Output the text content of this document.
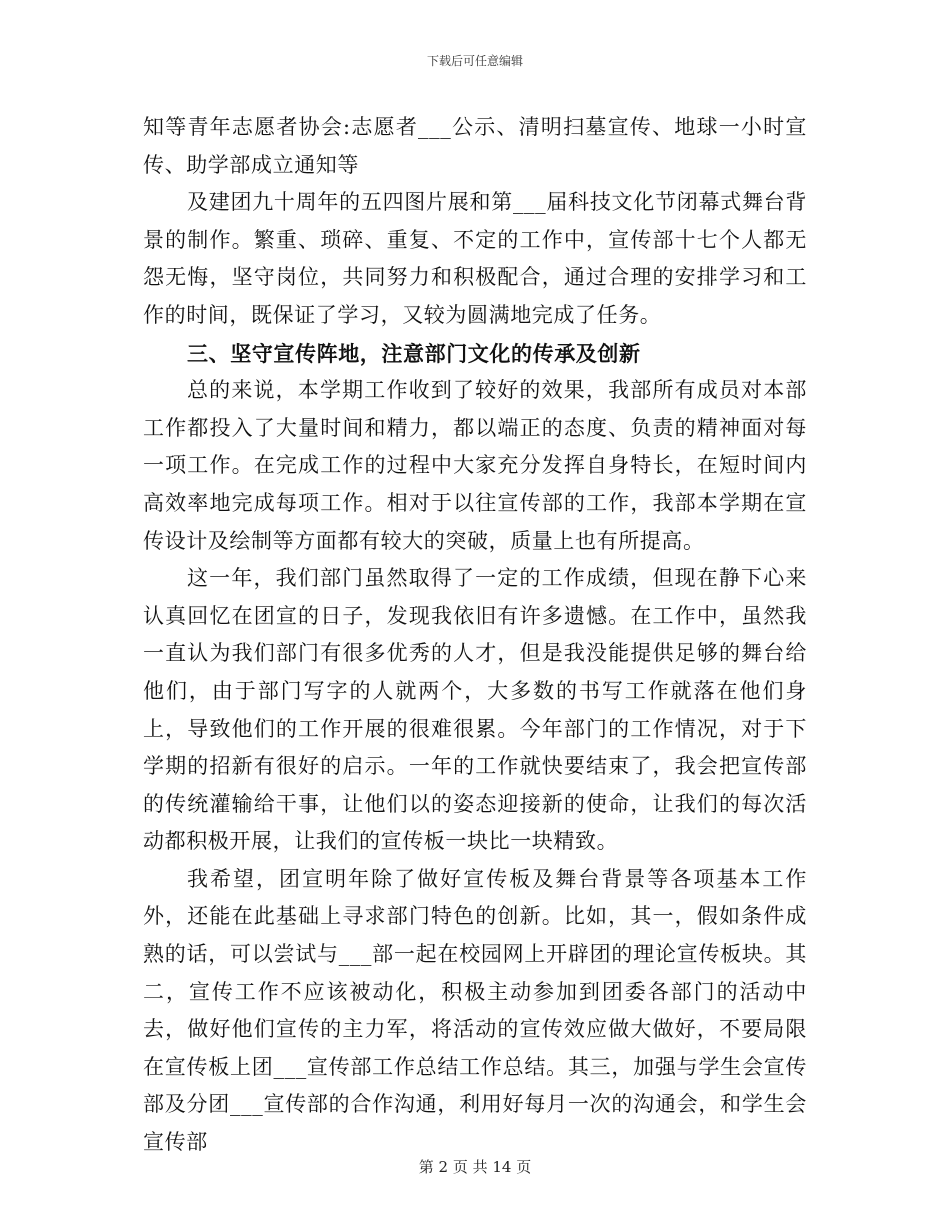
下载后可任意编辑

知等青年志愿者协会:志愿者___公示、清明扫墓宣传、地球一小时宣传、助学部成立通知等

及建团九十周年的五四图片展和第___届科技文化节闭幕式舞台背景的制作。繁重、琐碎、重复、不定的工作中，宣传部十七个人都无怨无悔，坚守岗位，共同努力和积极配合，通过合理的安排学习和工作的时间，既保证了学习，又较为圆满地完成了任务。

三、坚守宣传阵地，注意部门文化的传承及创新

总的来说，本学期工作收到了较好的效果，我部所有成员对本部工作都投入了大量时间和精力，都以端正的态度、负责的精神面对每一项工作。在完成工作的过程中大家充分发挥自身特长，在短时间内高效率地完成每项工作。相对于以往宣传部的工作，我部本学期在宣传设计及绘制等方面都有较大的突破，质量上也有所提高。

这一年，我们部门虽然取得了一定的工作成绩，但现在静下心来认真回忆在团宣的日子，发现我依旧有许多遗憾。在工作中，虽然我一直认为我们部门有很多优秀的人才，但是我没能提供足够的舞台给他们，由于部门写字的人就两个，大多数的书写工作就落在他们身上，导致他们的工作开展的很难很累。今年部门的工作情况，对于下学期的招新有很好的启示。一年的工作就快要结束了，我会把宣传部的传统灌输给干事，让他们以的姿态迎接新的使命，让我们的每次活动都积极开展，让我们的宣传板一块比一块精致。

我希望，团宣明年除了做好宣传板及舞台背景等各项基本工作外，还能在此基础上寻求部门特色的创新。比如，其一，假如条件成熟的话，可以尝试与___部一起在校园网上开辟团的理论宣传板块。其二，宣传工作不应该被动化，积极主动参加到团委各部门的活动中去，做好他们宣传的主力军，将活动的宣传效应做大做好，不要局限在宣传板上团___宣传部工作总结工作总结。其三，加强与学生会宣传部及分团___宣传部的合作沟通，利用好每月一次的沟通会，和学生会宣传部

第 2 页 共 14 页
